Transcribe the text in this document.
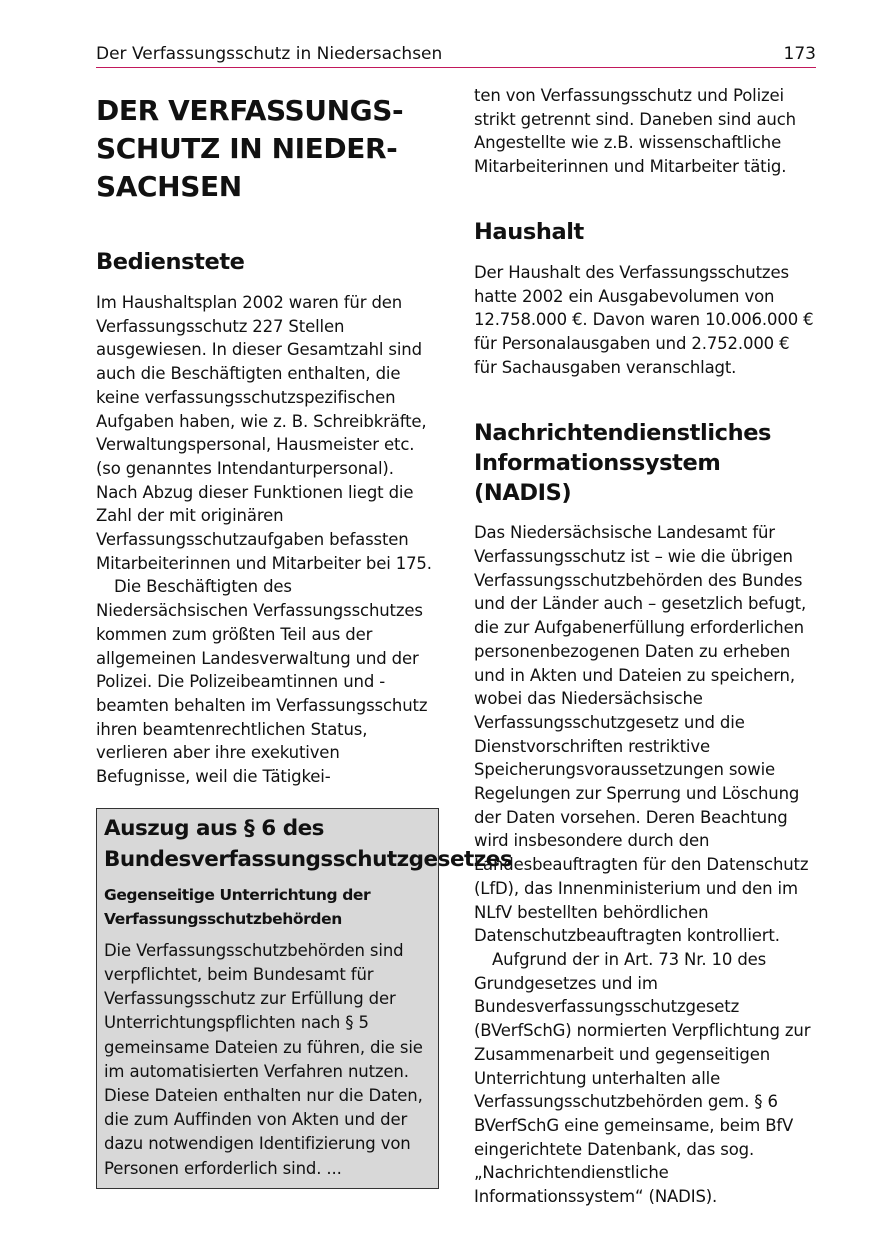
Der Verfassungsschutz in Niedersachsen	173
DER VERFASSUNGSSCHUTZ IN NIEDERSACHSEN
Bedienstete

Im Haushaltsplan 2002 waren für den Verfassungsschutz 227 Stellen ausgewiesen. In dieser Gesamtzahl sind auch die Beschäftigten enthalten, die keine verfassungsschutzspezifischen Aufgaben haben, wie z. B. Schreibkräfte, Verwaltungspersonal, Hausmeister etc. (so genanntes Intendanturpersonal). Nach Abzug dieser Funktionen liegt die Zahl der mit originären Verfassungsschutzaufgaben befassten Mitarbeiterinnen und Mitarbeiter bei 175.

Die Beschäftigten des Niedersächsischen Verfassungsschutzes kommen zum größten Teil aus der allgemeinen Landesverwaltung und der Polizei. Die Polizeibeamtinnen und -beamten behalten im Verfassungsschutz ihren beamtenrechtlichen Status, verlieren aber ihre exekutiven Befugnisse, weil die Tätigkei-

Auszug aus § 6 des Bundesverfassungsschutzgesetzes
Gegenseitige Unterrichtung der Verfassungsschutzbehörden

Die Verfassungsschutzbehörden sind verpflichtet, beim Bundesamt für Verfassungsschutz zur Erfüllung der Unterrichtungspflichten nach § 5 gemeinsame Dateien zu führen, die sie im automatisierten Verfahren nutzen. Diese Dateien enthalten nur die Daten, die zum Auffinden von Akten und der dazu notwendigen Identifizierung von Personen erforderlich sind. ...

ten von Verfassungsschutz und Polizei strikt getrennt sind. Daneben sind auch Angestellte wie z.B. wissenschaftliche Mitarbeiterinnen und Mitarbeiter tätig.

Haushalt

Der Haushalt des Verfassungsschutzes hatte 2002 ein Ausgabevolumen von 12.758.000 €. Davon waren 10.006.000 € für Personalausgaben und 2.752.000 € für Sachausgaben veranschlagt.

Nachrichtendienstliches Informationssystem (NADIS)

Das Niedersächsische Landesamt für Verfassungsschutz ist – wie die übrigen Verfassungsschutzbehörden des Bundes und der Länder auch – gesetzlich befugt, die zur Aufgabenerfüllung erforderlichen personenbezogenen Daten zu erheben und in Akten und Dateien zu speichern, wobei das Niedersächsische Verfassungsschutzgesetz und die Dienstvorschriften restriktive Speicherungsvoraussetzungen sowie Regelungen zur Sperrung und Löschung der Daten vorsehen. Deren Beachtung wird insbesondere durch den Landesbeauftragten für den Datenschutz (LfD), das Innenministerium und den im NLfV bestellten behördlichen Datenschutzbeauftragten kontrolliert.

Aufgrund der in Art. 73 Nr. 10 des Grundgesetzes und im Bundesverfassungsschutzgesetz (BVerfSchG) normierten Verpflichtung zur Zusammenarbeit und gegenseitigen Unterrichtung unterhalten alle Verfassungsschutzbehörden gem. § 6 BVerfSchG eine gemeinsame, beim BfV eingerichtete Datenbank, das sog. „Nachrichtendienstliche Informationssystem“ (NADIS).
